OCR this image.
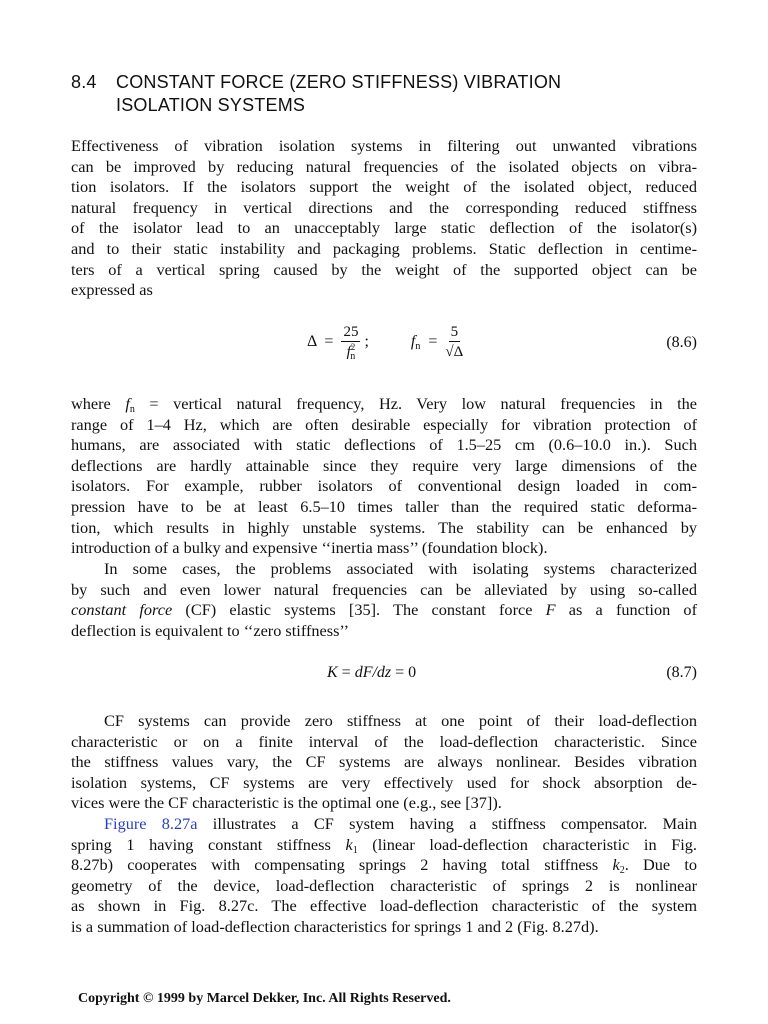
8.4 CONSTANT FORCE (ZERO STIFFNESS) VIBRATION
ISOLATION SYSTEMS
Effectiveness of vibration isolation systems in filtering out unwanted vibrations
can be improved by reducing natural frequencies of the isolated objects on vibra-
tion isolators. If the isolators support the weight of the isolated object, reduced
natural frequency in vertical directions and the corresponding reduced stiffness
of the isolator lead to an unacceptably large static deflection of the isolator(s)
and to their static instability and packaging problems. Static deflection in centime-
ters of a vertical spring caused by the weight of the supported object can be
expressed as
$\Delta = \frac{25}{f^2_n}$ ;	$f_n = \frac{5}{√\Delta}$	(8.6)
where $f_n$ = vertical natural frequency, Hz. Very low natural frequencies in the
range of 1–4 Hz, which are often desirable especially for vibration protection of
humans, are associated with static deflections of 1.5–25 cm (0.6–10.0 in.). Such
deflections are hardly attainable since they require very large dimensions of the
isolators. For example, rubber isolators of conventional design loaded in com-
pression have to be at least 6.5–10 times taller than the required static deforma-
tion, which results in highly unstable systems. The stability can be enhanced by
introduction of a bulky and expensive ‘‘inertia mass’’ (foundation block).
In some cases, the problems associated with isolating systems characterized
by such and even lower natural frequencies can be alleviated by using so-called
constant force (CF) elastic systems [35]. The constant force F as a function of
deflection is equivalent to ‘‘zero stiffness’’
K = dF/dz = 0	(8.7)
CF systems can provide zero stiffness at one point of their load-deflection
characteristic or on a finite interval of the load-deflection characteristic. Since
the stiffness values vary, the CF systems are always nonlinear. Besides vibration
isolation systems, CF systems are very effectively used for shock absorption de-
vices were the CF characteristic is the optimal one (e.g., see [37]).
Figure 8.27a illustrates a CF system having a stiffness compensator. Main
spring 1 having constant stiffness $k_1$ (linear load-deflection characteristic in Fig.
8.27b) cooperates with compensating springs 2 having total stiffness $k_2$. Due to
geometry of the device, load-deflection characteristic of springs 2 is nonlinear
as shown in Fig. 8.27c. The effective load-deflection characteristic of the system
is a summation of load-deflection characteristics for springs 1 and 2 (Fig. 8.27d).
Copyright © 1999 by Marcel Dekker, Inc. All Rights Reserved.
